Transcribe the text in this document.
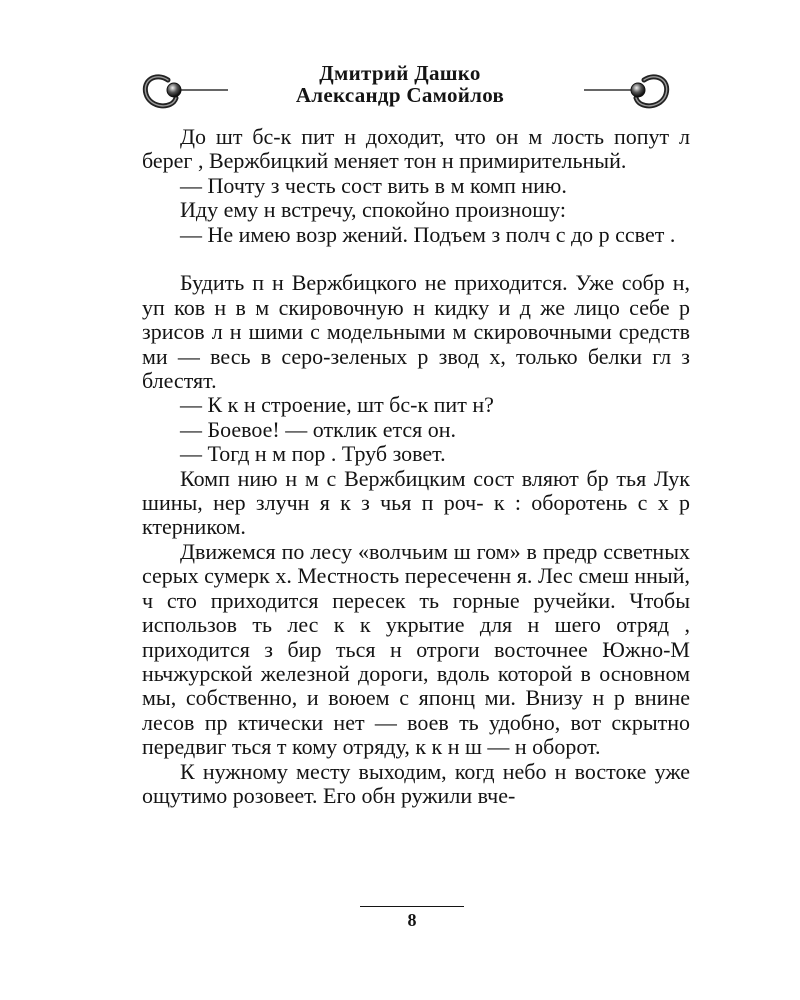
Дмитрий Дашко
Александр Самойлов

До шт бс-к пит н доходит, что он м лость попут л берег , Вержбицкий меняет тон н примирительный.

— Почту з честь сост вить в м комп нию.

Иду ему н встречу, спокойно произношу:

— Не имею возр жений. Подъем з полч с до р ссвет .

Будить п н Вержбицкого не приходится. Уже собр н, уп ков н в м скировочную н кидку и д же лицо себе р зрисов л н шими с модельными м скировочными средств ми — весь в серо-зеленых р звод х, только белки гл з блестят.

— К к н строение, шт бс-к пит н?

— Боевое! — отклик ется он.

— Тогд н м пор . Труб зовет.

Комп нию н м с Вержбицким сост вляют бр тья Лук шины, нер злучн я к з чья п роч- к : оборотень с х р ктерником.

Движемся по лесу «волчьим ш гом» в предр ссветных серых сумерк х. Местность пересеченн я. Лес смеш нный, ч сто приходится пересек ть горные ручейки. Чтобы использов ть лес к к укрытие для н шего отряд , приходится з бир ться н отроги восточнее Южно-М ньчжурской железной дороги, вдоль которой в основном мы, собственно, и воюем с японц ми. Внизу н р внине лесов пр ктически нет — воев ть удобно, вот скрытно передвиг ться т кому отряду, к к н ш — н оборот.

К нужному месту выходим, когд небо н востоке уже ощутимо розовеет. Его обн ружили вче-

8
